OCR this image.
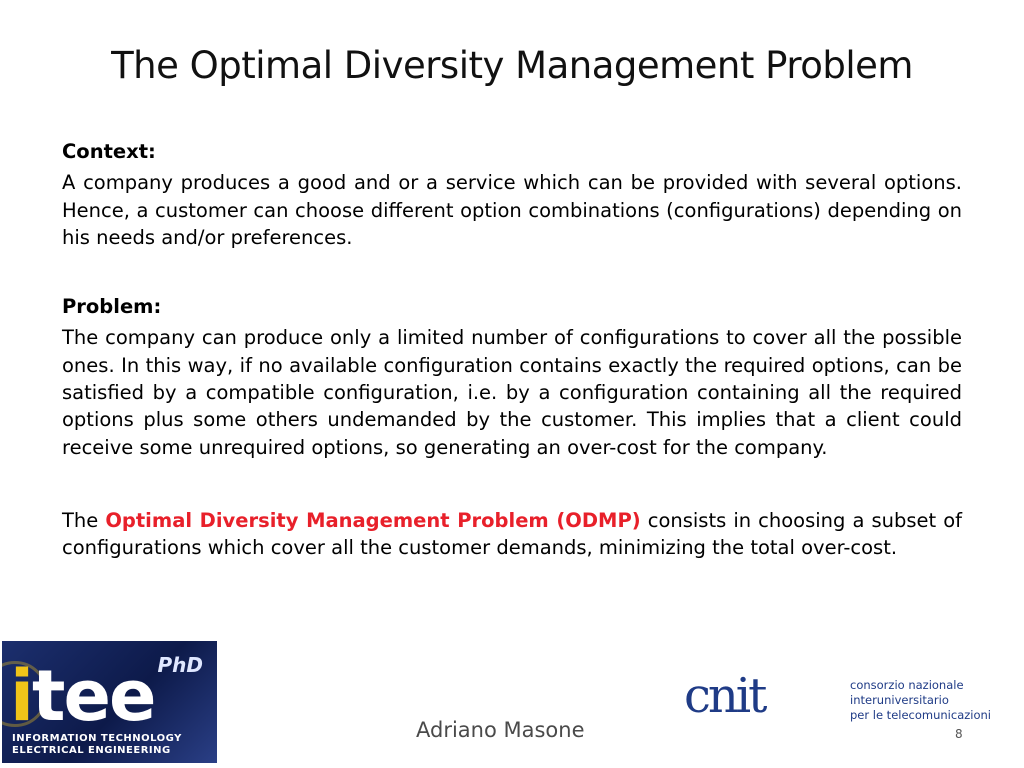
The Optimal Diversity Management Problem

Context:

A company produces a good and or a service which can be provided with several options. Hence, a customer can choose different option combinations (configurations) depending on his needs and/or preferences.

Problem:

The company can produce only a limited number of configurations to cover all the possible ones. In this way, if no available configuration contains exactly the required options, can be satisfied by a compatible configuration, i.e. by a configuration containing all the required options plus some others undemanded by the customer. This implies that a client could receive some unrequired options, so generating an over-cost for the company.

The Optimal Diversity Management Problem (ODMP) consists in choosing a subset of configurations which cover all the customer demands, minimizing the total over-cost.

PhD
itee
INFORMATION TECHNOLOGY
ELECTRICAL ENGINEERING
Adriano Masone
cnit	consorzio nazionale
interuniversitario
per le telecomunicazioni
8
